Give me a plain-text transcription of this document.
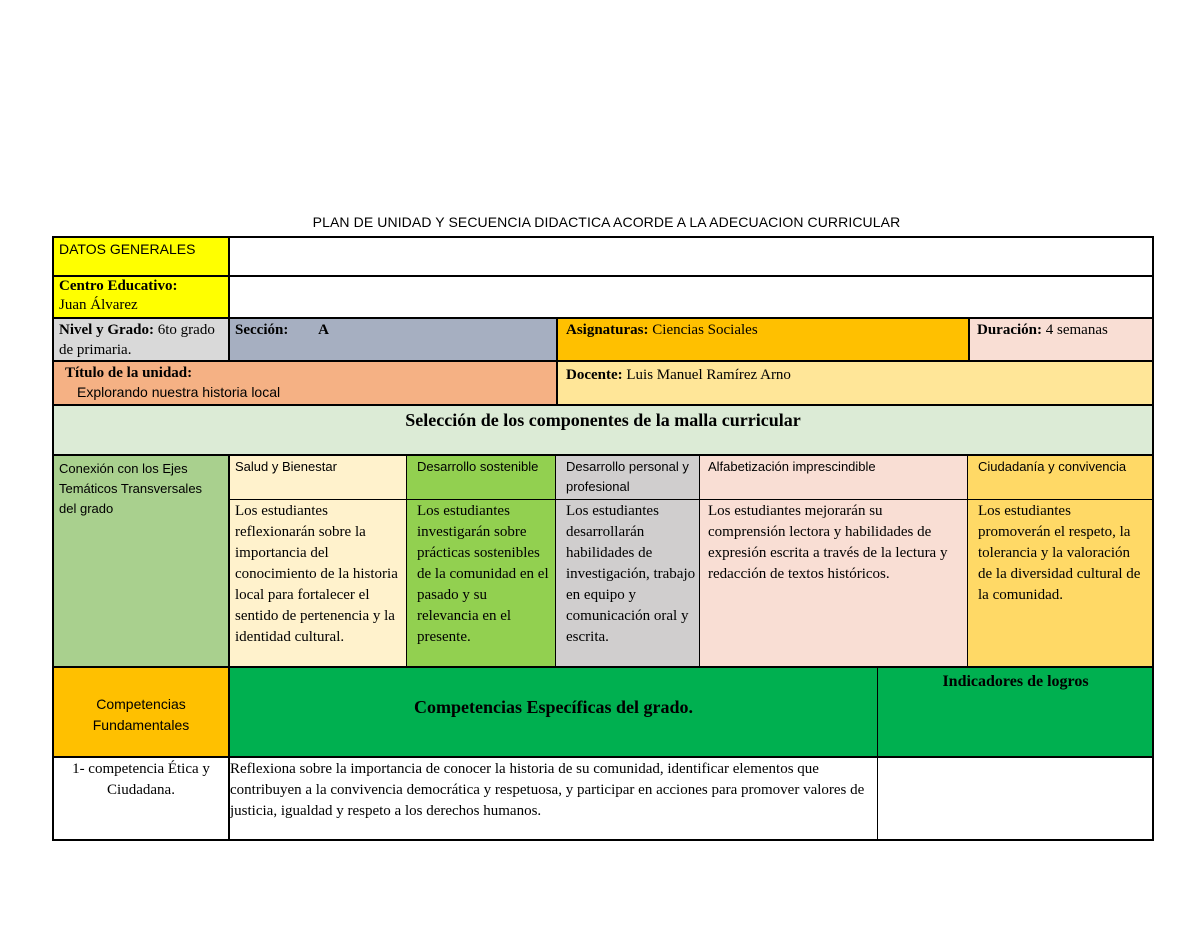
PLAN DE UNIDAD Y SECUENCIA DIDACTICA ACORDE A LA ADECUACION CURRICULAR
DATOS GENERALES
Centro Educativo:
Juan Álvarez
Nivel y Grado: 6to grado de primaria.
Sección: A	Asignaturas: Ciencias Sociales	Duración: 4 semanas
Título de la unidad:
Explorando nuestra historia local
Docente: Luis Manuel Ramírez Arno
Selección de los componentes de la malla curricular
Conexión con los Ejes Temáticos Transversales del grado
Salud y Bienestar
Los estudiantes reflexionarán sobre la importancia del conocimiento de la historia local para fortalecer el sentido de pertenencia y la identidad cultural.
Desarrollo sostenible
Los estudiantes investigarán sobre prácticas sostenibles de la comunidad en el pasado y su relevancia en el presente.
Desarrollo personal y profesional
Los estudiantes desarrollarán habilidades de investigación, trabajo en equipo y comunicación oral y escrita.
Alfabetización imprescindible
Los estudiantes mejorarán su comprensión lectora y habilidades de expresión escrita a través de la lectura y redacción de textos históricos.
Ciudadanía y convivencia
Los estudiantes promoverán el respeto, la tolerancia y la valoración de la diversidad cultural de la comunidad.
Competencias Fundamentales
Competencias Específicas del grado.
Indicadores de logros
1- competencia Ética y Ciudadana.
Reflexiona sobre la importancia de conocer la historia de su comunidad, identificar elementos que contribuyen a la convivencia democrática y respetuosa, y participar en acciones para promover valores de justicia, igualdad y respeto a los derechos humanos.
